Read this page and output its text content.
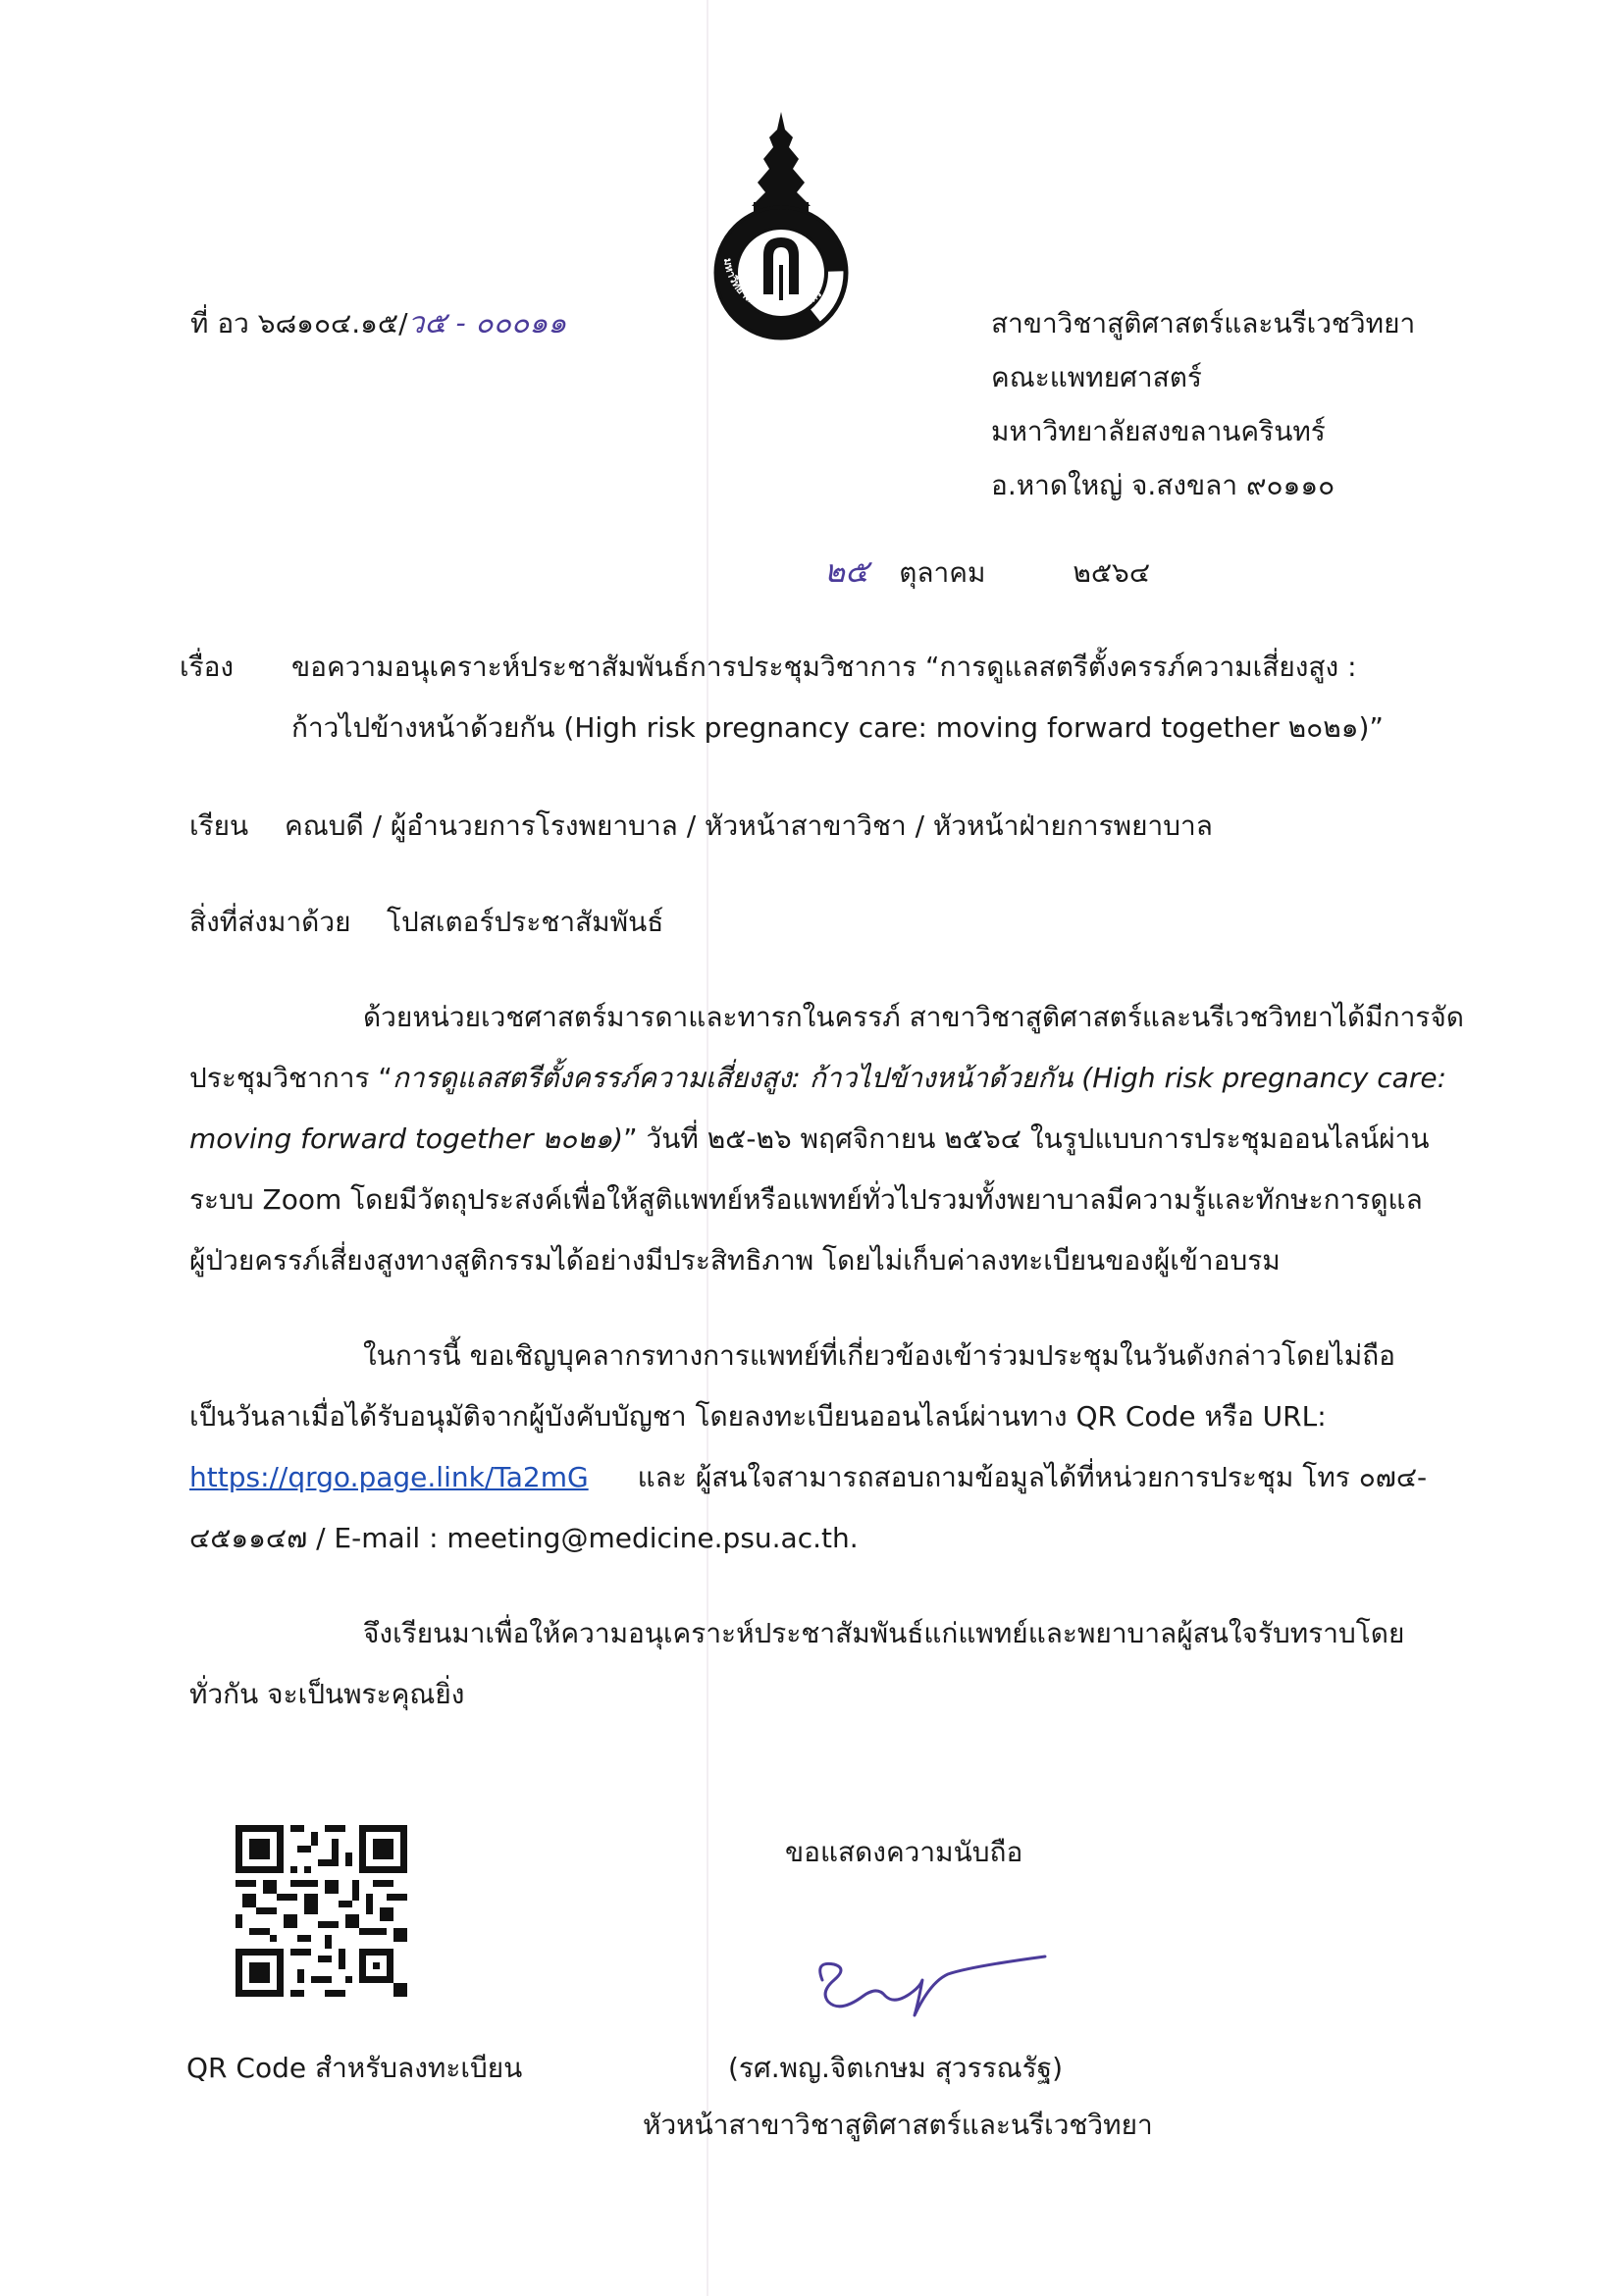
มหาวิทยาลัยสงขลานครินทร์
ที่ อว ๖๘๑๐๔.๑๕/ว๕ - ๐๐๐๑๑	สาขาวิชาสูติศาสตร์และนรีเวชวิทยา
คณะแพทยศาสตร์
มหาวิทยาลัยสงขลานครินทร์
อ.หาดใหญ่ จ.สงขลา ๙๐๑๑๐
๒๕ ตุลาคม	๒๕๖๔
เรื่อง ขอความอนุเคราะห์ประชาสัมพันธ์การประชุมวิชาการ “การดูแลสตรีตั้งครรภ์ความเสี่ยงสูง :
ก้าวไปข้างหน้าด้วยกัน (High risk pregnancy care: moving forward together ๒๐๒๑)”
เรียน คณบดี / ผู้อำนวยการโรงพยาบาล / หัวหน้าสาขาวิชา / หัวหน้าฝ่ายการพยาบาล
สิ่งที่ส่งมาด้วย โปสเตอร์ประชาสัมพันธ์
ด้วยหน่วยเวชศาสตร์มารดาและทารกในครรภ์ สาขาวิชาสูติศาสตร์และนรีเวชวิทยาได้มีการจัด
ประชุมวิชาการ “การดูแลสตรีตั้งครรภ์ความเสี่ยงสูง: ก้าวไปข้างหน้าด้วยกัน (High risk pregnancy care:
moving forward together ๒๐๒๑)” วันที่ ๒๕-๒๖ พฤศจิกายน ๒๕๖๔ ในรูปแบบการประชุมออนไลน์ผ่าน
ระบบ Zoom โดยมีวัตถุประสงค์เพื่อให้สูติแพทย์หรือแพทย์ทั่วไปรวมทั้งพยาบาลมีความรู้และทักษะการดูแล
ผู้ป่วยครรภ์เสี่ยงสูงทางสูติกรรมได้อย่างมีประสิทธิภาพ โดยไม่เก็บค่าลงทะเบียนของผู้เข้าอบรม
ในการนี้ ขอเชิญบุคลากรทางการแพทย์ที่เกี่ยวข้องเข้าร่วมประชุมในวันดังกล่าวโดยไม่ถือ
เป็นวันลาเมื่อได้รับอนุมัติจากผู้บังคับบัญชา โดยลงทะเบียนออนไลน์ผ่านทาง QR Code หรือ URL:
https://qrgo.page.link/Ta2mG และ ผู้สนใจสามารถสอบถามข้อมูลได้ที่หน่วยการประชุม โทร ๐๗๔-
๔๕๑๑๔๗ / E-mail : meeting@medicine.psu.ac.th.
จึงเรียนมาเพื่อให้ความอนุเคราะห์ประชาสัมพันธ์แก่แพทย์และพยาบาลผู้สนใจรับทราบโดย
ทั่วกัน จะเป็นพระคุณยิ่ง
QR Code สำหรับลงทะเบียน
ขอแสดงความนับถือ
(รศ.พญ.จิตเกษม สุวรรณรัฐ)
หัวหน้าสาขาวิชาสูติศาสตร์และนรีเวชวิทยา
